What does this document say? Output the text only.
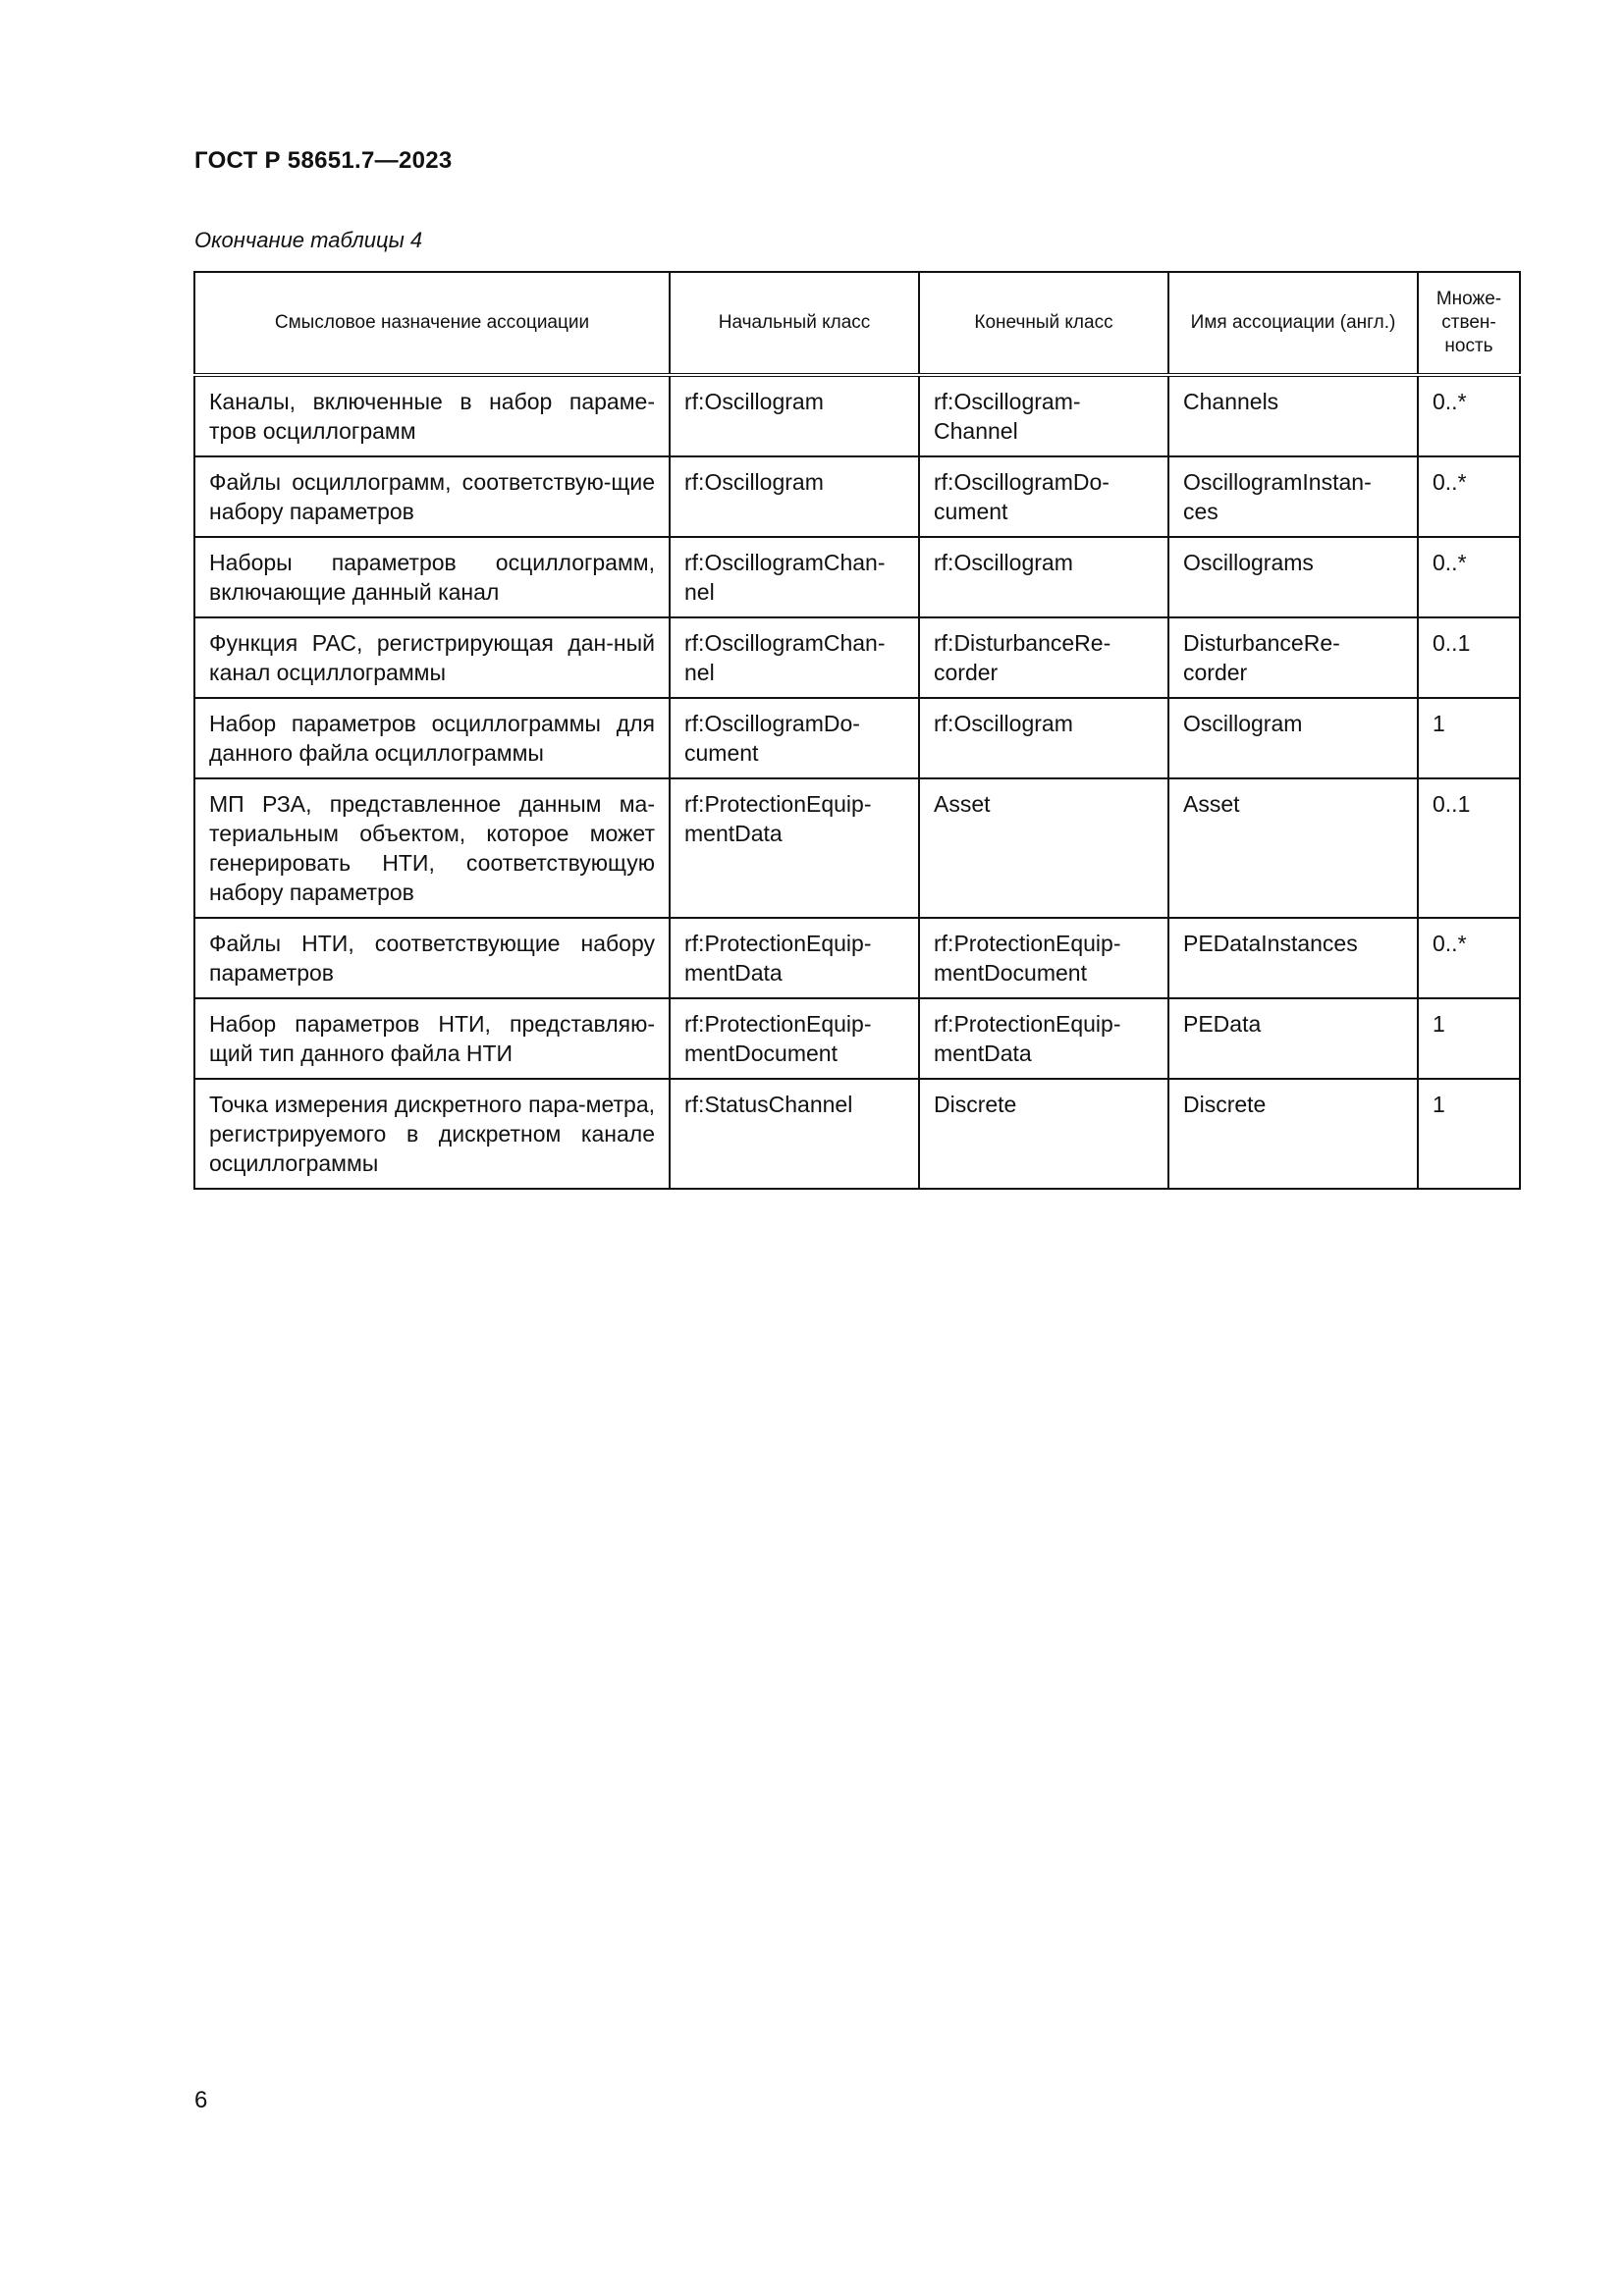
ГОСТ Р 58651.7—2023
Окончание таблицы 4
Смысловое назначение ассоциации	Начальный класс	Конечный класс	Имя ассоциации (англ.)	Множе-ствен-ность
Каналы, включенные в набор параме-тров осциллограмм	rf:Oscillogram	rf:Oscillogram-Channel	Channels	0..*
Файлы осциллограмм, соответствую-щие набору параметров	rf:Oscillogram	rf:OscillogramDo-cument	OscillogramInstan-ces	0..*
Наборы параметров осциллограмм, включающие данный канал	rf:OscillogramChan-nel	rf:Oscillogram	Oscillograms	0..*
Функция РАС, регистрирующая дан-ный канал осциллограммы	rf:OscillogramChan-nel	rf:DisturbanceRe-corder	DisturbanceRe-corder	0..1
Набор параметров осциллограммы для данного файла осциллограммы	rf:OscillogramDo-cument	rf:Oscillogram	Oscillogram	1
МП РЗА, представленное данным ма-териальным объектом, которое может генерировать НТИ, соответствующую набору параметров	rf:ProtectionEquip-mentData	Asset	Asset	0..1
Файлы НТИ, соответствующие набору параметров	rf:ProtectionEquip-mentData	rf:ProtectionEquip-mentDocument	PEDataInstances	0..*
Набор параметров НТИ, представляю-щий тип данного файла НТИ	rf:ProtectionEquip-mentDocument	rf:ProtectionEquip-mentData	PEData	1
Точка измерения дискретного пара-метра, регистрируемого в дискретном канале осциллограммы	rf:StatusChannel	Discrete	Discrete	1
6
